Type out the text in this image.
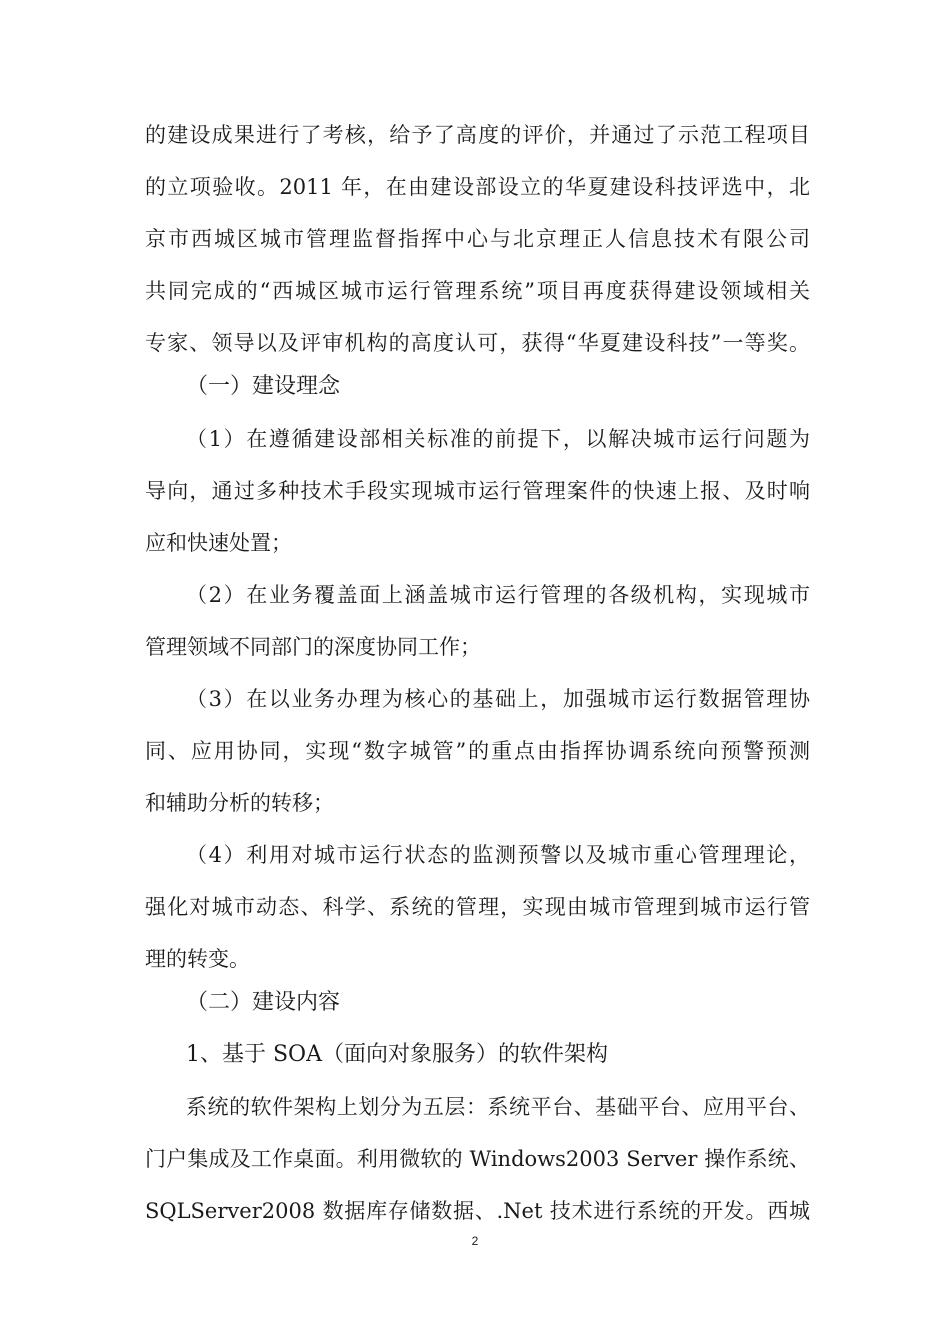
的建设成果进行了考核，给予了高度的评价，并通过了示范工程项目
的立项验收。2011 年，在由建设部设立的华夏建设科技评选中，北
京市西城区城市管理监督指挥中心与北京理正人信息技术有限公司
共同完成的“西城区城市运行管理系统”项目再度获得建设领域相关
专家、领导以及评审机构的高度认可，获得“华夏建设科技”一等奖。
（一）建设理念
（1）在遵循建设部相关标准的前提下，以解决城市运行问题为
导向，通过多种技术手段实现城市运行管理案件的快速上报、及时响
应和快速处置；
（2）在业务覆盖面上涵盖城市运行管理的各级机构，实现城市
管理领域不同部门的深度协同工作；
（3）在以业务办理为核心的基础上，加强城市运行数据管理协
同、应用协同，实现“数字城管”的重点由指挥协调系统向预警预测
和辅助分析的转移；
（4）利用对城市运行状态的监测预警以及城市重心管理理论，
强化对城市动态、科学、系统的管理，实现由城市管理到城市运行管
理的转变。
（二）建设内容
1、基于 SOA（面向对象服务）的软件架构
系统的软件架构上划分为五层：系统平台、基础平台、应用平台、
门户集成及工作桌面。利用微软的 Windows2003 Server 操作系统、
SQLServer2008 数据库存储数据、.Net 技术进行系统的开发。西城
2
